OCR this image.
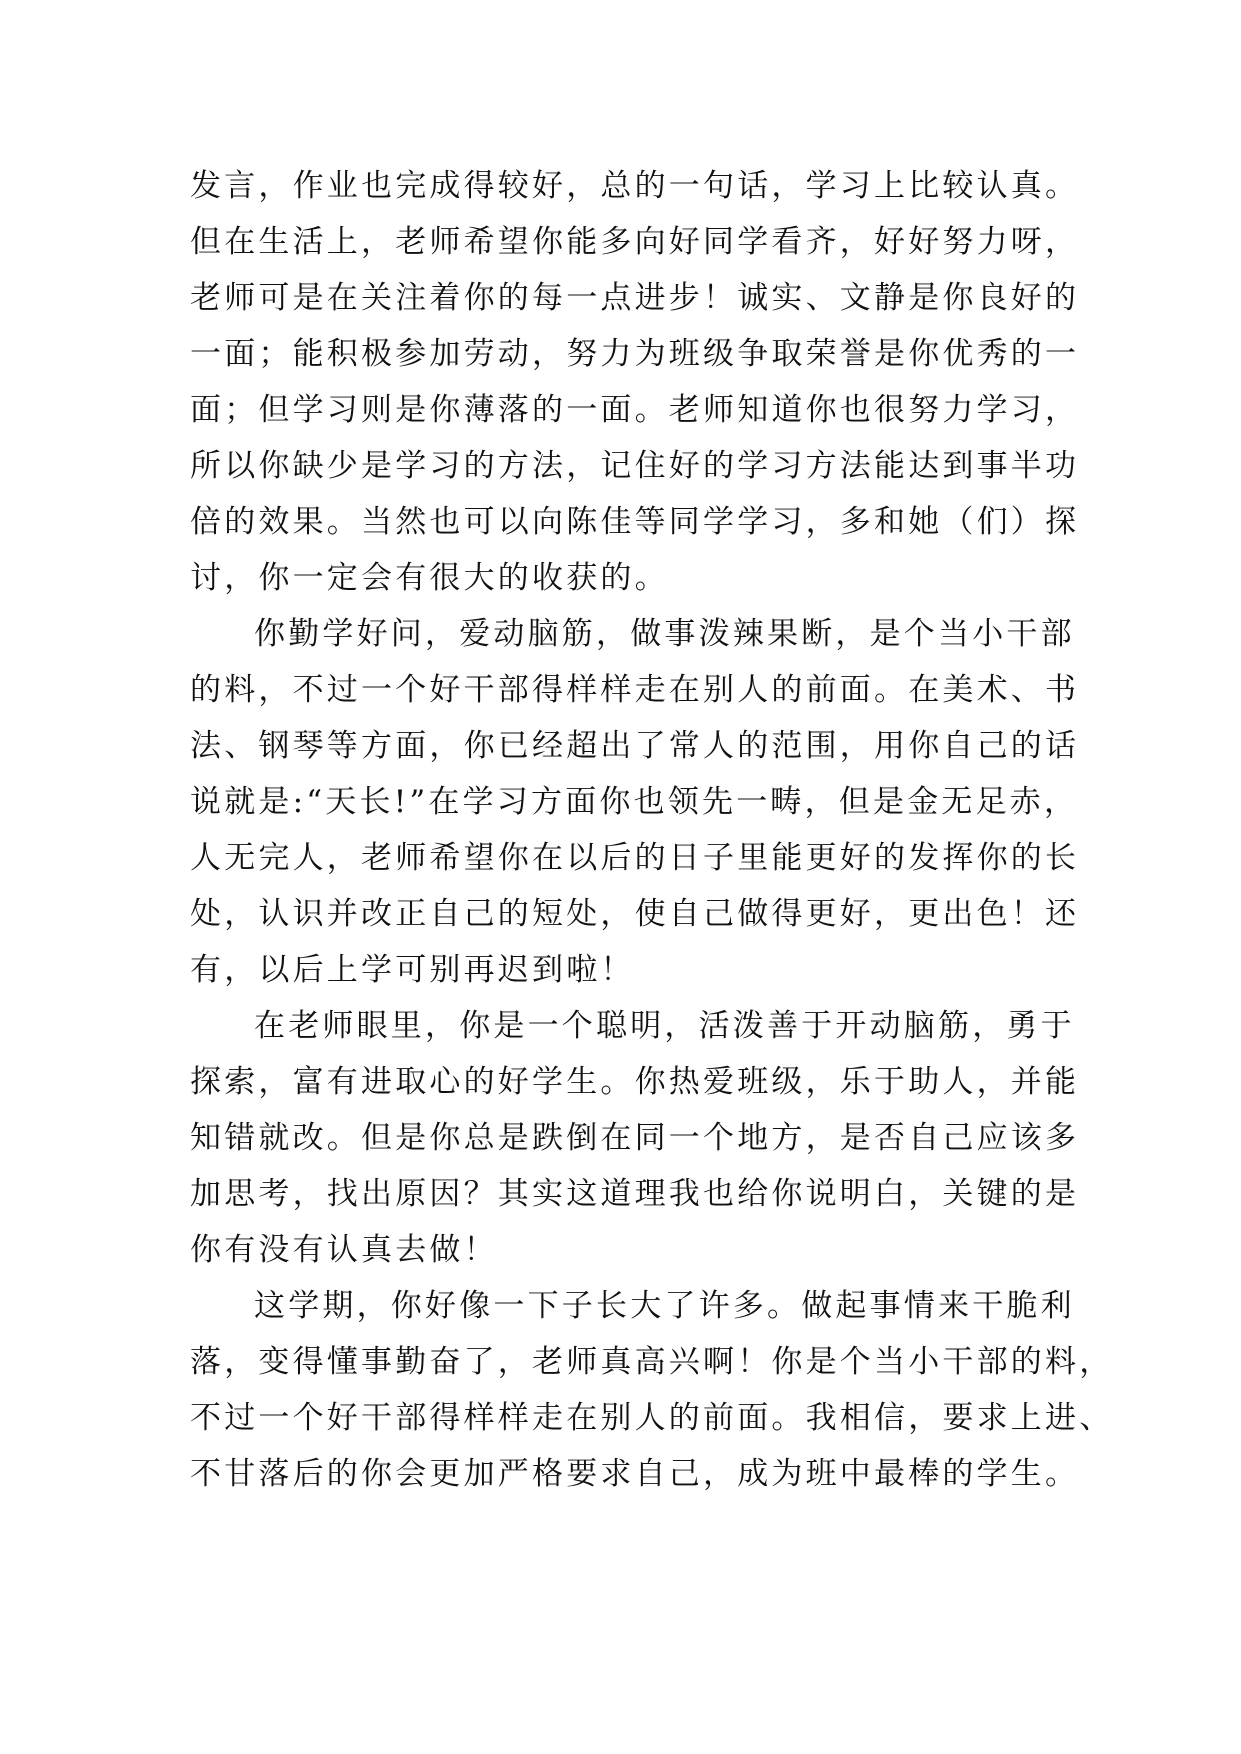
发言，作业也完成得较好，总的一句话，学习上比较认真。
但在生活上，老师希望你能多向好同学看齐，好好努力呀，
老师可是在关注着你的每一点进步！诚实、文静是你良好的
一面；能积极参加劳动，努力为班级争取荣誉是你优秀的一
面；但学习则是你薄落的一面。老师知道你也很努力学习，
所以你缺少是学习的方法，记住好的学习方法能达到事半功
倍的效果。当然也可以向陈佳等同学学习，多和她（们）探
讨，你一定会有很大的收获的。
你勤学好问，爱动脑筋，做事泼辣果断，是个当小干部
的料，不过一个好干部得样样走在别人的前面。在美术、书
法、钢琴等方面，你已经超出了常人的范围，用你自己的话
说就是:“天长!”在学习方面你也领先一畴，但是金无足赤，
人无完人，老师希望你在以后的日子里能更好的发挥你的长
处，认识并改正自己的短处，使自己做得更好，更出色！还
有，以后上学可别再迟到啦！
在老师眼里，你是一个聪明，活泼善于开动脑筋，勇于
探索，富有进取心的好学生。你热爱班级，乐于助人，并能
知错就改。但是你总是跌倒在同一个地方，是否自己应该多
加思考，找出原因？其实这道理我也给你说明白，关键的是
你有没有认真去做！
这学期，你好像一下子长大了许多。做起事情来干脆利
落，变得懂事勤奋了，老师真高兴啊！你是个当小干部的料，
不过一个好干部得样样走在别人的前面。我相信，要求上进、
不甘落后的你会更加严格要求自己，成为班中最棒的学生。
